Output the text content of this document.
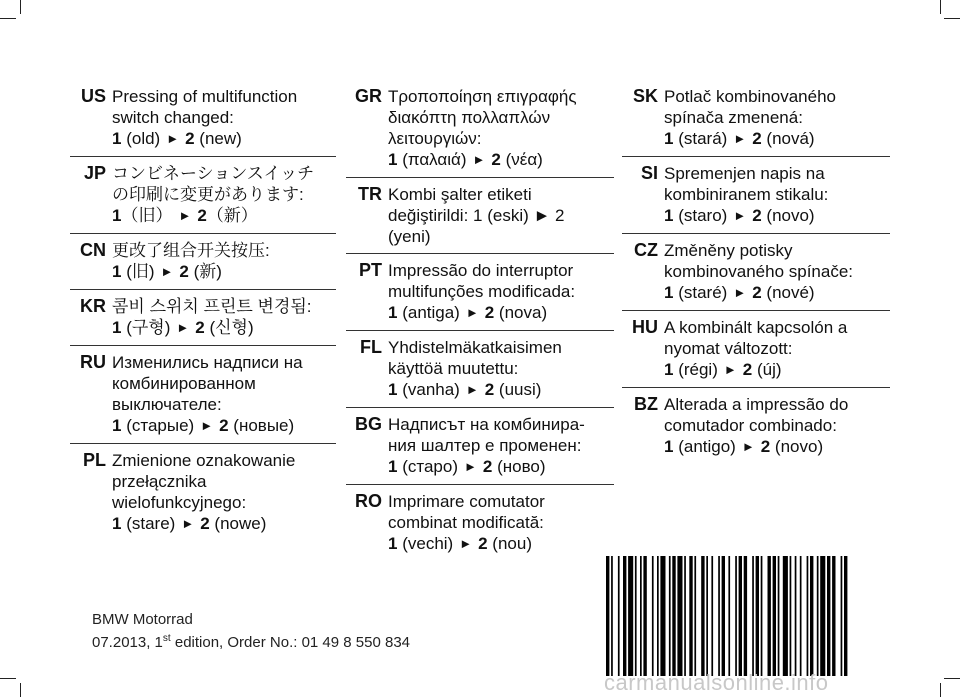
US Pressing of multifunction
switch changed:
1 (old) ► 2 (new)
JP コンビネーションスイッチ
の印刷に変更があります:
1（旧） ► 2（新）
CN 更改了组合开关按压:
1 (旧) ► 2 (新)
KR 콤비 스위치 프린트 변경됨:
1 (구형) ► 2 (신형)
RU Изменились надписи на
комбинированном
выключателе:
1 (старые) ► 2 (новые)
PL Zmienione oznakowanie
przełącznika
wielofunkcyjnego:
1 (stare) ► 2 (nowe)
GR Τροποποίηση επιγραφής
διακόπτη πολλαπλών
λειτουργιών:
1 (παλαιά) ► 2 (νέα)
TR Kombi şalter etiketi
değiştirildi: 1 (eski) ► 2
(yeni)
PT Impressão do interruptor
multifunções modificada:
1 (antiga) ► 2 (nova)
FL Yhdistelmäkatkaisimen
käyttöä muutettu:
1 (vanha) ► 2 (uusi)
BG Надписът на комбинира-
ния шалтер е променен:
1 (старо) ► 2 (ново)
RO Imprimare comutator
combinat modificată:
1 (vechi) ► 2 (nou)
SK Potlač kombinovaného
spínača zmenená:
1 (stará) ► 2 (nová)
SI Spremenjen napis na
kombiniranem stikalu:
1 (staro) ► 2 (novo)
CZ Změněny potisky
kombinovaného spínače:
1 (staré) ► 2 (nové)
HU A kombinált kapcsolón a
nyomat változott:
1 (régi) ► 2 (új)
BZ Alterada a impressão do
comutador combinado:
1 (antigo) ► 2 (novo)
BMW Motorrad
07.2013, 1st edition, Order No.: 01 49 8 550 834
carmanualsonline.info
